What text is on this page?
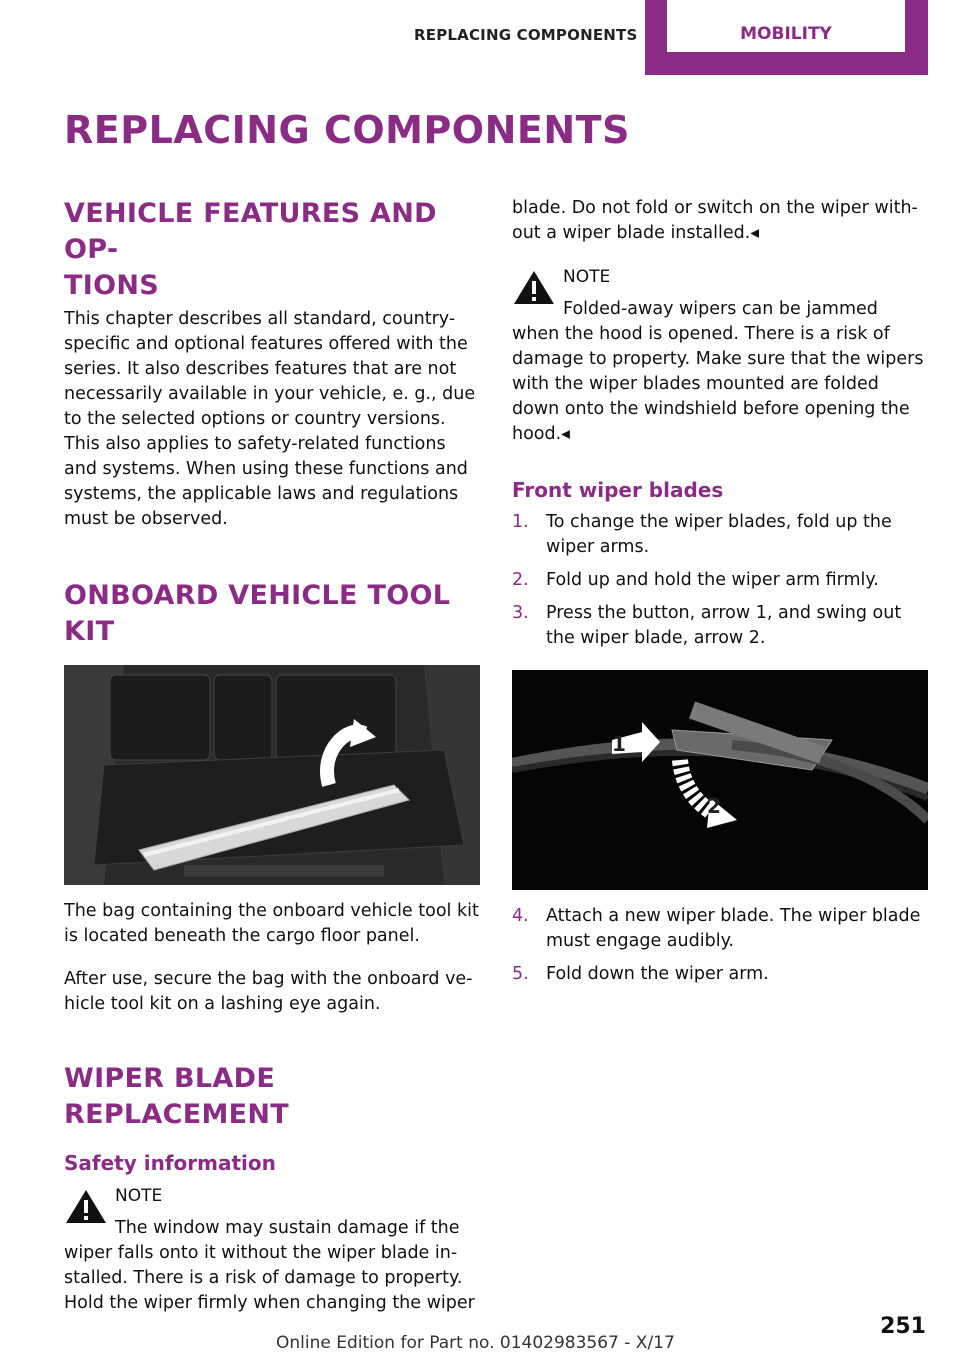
REPLACING COMPONENTS	MOBILITY
REPLACING COMPONENTS
VEHICLE FEATURES AND OP-
TIONS

This chapter describes all standard, country-specific and optional features offered with the series. It also describes features that are not necessarily available in your vehicle, e. g., due to the selected options or country versions. This also applies to safety-related functions and systems. When using these functions and systems, the applicable laws and regulations must be observed.

ONBOARD VEHICLE TOOL KIT

The bag containing the onboard vehicle tool kit is located beneath the cargo floor panel.

After use, secure the bag with the onboard vehicle tool kit on a lashing eye again.

WIPER BLADE REPLACEMENT
Safety information
NOTE
The window may sustain damage if the wiper falls onto it without the wiper blade installed. There is a risk of damage to property. Hold the wiper firmly when changing the wiper

blade. Do not fold or switch on the wiper without a wiper blade installed.◂

NOTE
Folded-away wipers can be jammed when the hood is opened. There is a risk of damage to property. Make sure that the wipers with the wiper blades mounted are folded down onto the windshield before opening the hood.◂
Front wiper blades
1. To change the wiper blades, fold up the wiper arms.
2. Fold up and hold the wiper arm firmly.
3. Press the button, arrow 1, and swing out the wiper blade, arrow 2.
1
2
4. Attach a new wiper blade. The wiper blade must engage audibly.
5. Fold down the wiper arm.
251
Online Edition for Part no. 01402983567 - X/17
